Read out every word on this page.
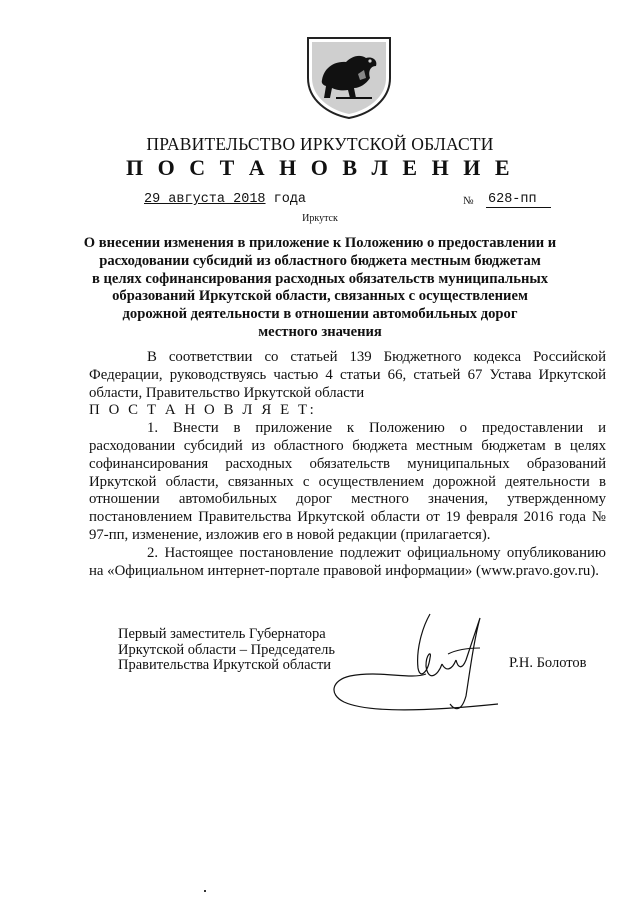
ПРАВИТЕЛЬСТВО ИРКУТСКОЙ ОБЛАСТИ
П О С Т А Н О В Л Е Н И Е
29 августа 2018 года	№ 628-пп
Иркутск
О внесении изменения в приложение к Положению о предоставлении и
расходовании субсидий из областного бюджета местным бюджетам
в целях софинансирования расходных обязательств муниципальных
образований Иркутской области, связанных с осуществлением
дорожной деятельности в отношении автомобильных дорог
местного значения

В соответствии со статьей 139 Бюджетного кодекса Российской Федерации, руководствуясь частью 4 статьи 66, статьей 67 Устава Иркутской области, Правительство Иркутской области

П О С Т А Н О В Л Я Е Т:

1. Внести в приложение к Положению о предоставлении и расходовании субсидий из областного бюджета местным бюджетам в целях софинансирования расходных обязательств муниципальных образований Иркутской области, связанных с осуществлением дорожной деятельности в отношении автомобильных дорог местного значения, утвержденному постановлением Правительства Иркутской области от 19 февраля 2016 года № 97-пп, изменение, изложив его в новой редакции (прилагается).

2. Настоящее постановление подлежит официальному опубликованию на «Официальном интернет-портале правовой информации» (www.pravo.gov.ru).

Первый заместитель Губернатора
Иркутской области – Председатель
Правительства Иркутской области	Р.Н. Болотов
